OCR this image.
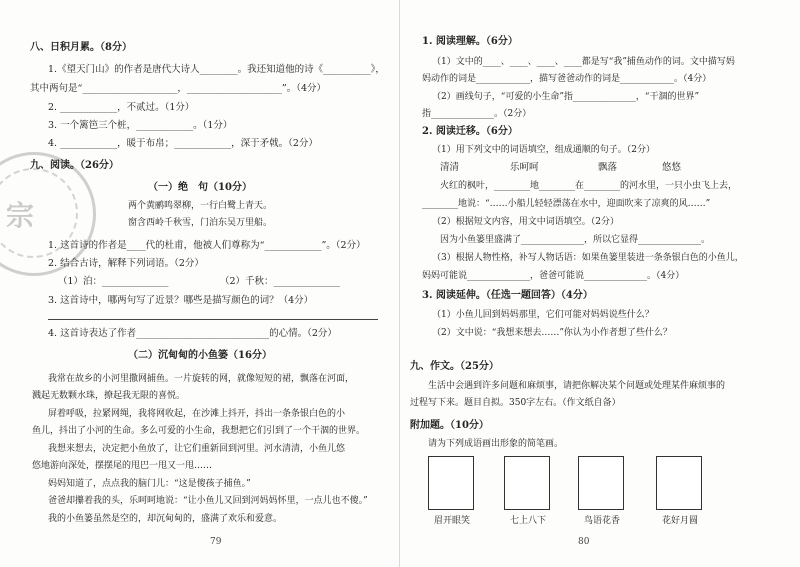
宗
八、日积月累。（8分）
1.《望天门山》的作者是唐代大诗人________。我还知道他的诗《__________》，
其中两句是“____________________，____________________”。（4分）
2. ____________，不贰过。（1分）
3. 一个篱笆三个桩，____________。（1分）
4. ____________，暖于布帛；____________，深于矛戟。（2分）
九、阅读。（26分）
（一）绝　句（10分）
两个黄鹂鸣翠柳，一行白鹭上青天。
窗含西岭千秋雪，门泊东吴万里船。
1. 这首诗的作者是____代的杜甫，他被人们尊称为“____________”。（2分）
2. 结合古诗，解释下列词语。（2分）
（1）泊：______________	（2）千秋：______________
3. 这首诗中，哪两句写了近景？哪些是描写颜色的词？（4分）
4. 这首诗表达了作者____________________________的心情。（2分）
（二）沉甸甸的小鱼篓（16分）
我常在故乡的小河里撒网捕鱼。一片旋转的网，就像短短的裙，飘落在河面，
溅起无数颗水珠，撩起我无限的喜悦。
屏着呼吸，拉紧网绳，我将网收起，在沙滩上抖开，抖出一条条银白色的小
鱼儿，抖出了小河的生命。多么可爱的小生命，我想把它们引到了一个干涸的世界。
我想来想去，决定把小鱼放了，让它们重新回到河里。河水清清，小鱼儿悠
悠地游向深处，摆摆尾的甩巴一甩又一甩……
妈妈知道了，点点我的脑门儿：“这是傻孩子捕鱼。”
爸爸却攥着我的头，乐呵呵地说：“让小鱼儿又回到河妈妈怀里，一点儿也不傻。”
我的小鱼篓虽然是空的，却沉甸甸的，盛满了欢乐和爱意。
79
1. 阅读理解。（6分）
（1）文中的____、____、____、____都是写“我”捕鱼动作的词。文中描写妈
妈动作的词是____________，描写爸爸动作的词是____________。（4分）
（2）画线句子，“可爱的小生命”指______________，“干涸的世界”
指______________。（2分）
2. 阅读迁移。（6分）
（1）用下列文中的词语填空，组成通顺的句子。（2分）
清清	乐呵呵	飘落	悠悠
火红的枫叶，________地________在________的河水里，一只小虫飞上去，
________地说：“……小船儿轻轻漂荡在水中，迎面吹来了凉爽的风……”
（2）根据短文内容，用文中词语填空。（2分）
因为小鱼篓里盛满了______________，所以它显得______________。
（3）根据人物性格，补写人物话语：如果鱼篓里装进一条条银白色的小鱼儿，
妈妈可能说______________，爸爸可能说______________。（4分）
3. 阅读延伸。（任选一题回答）（4分）
（1）小鱼儿回到妈妈那里，它们可能对妈妈说些什么？
（2）文中说：“我想来想去……”你认为小作者想了些什么？
九、作文。（25分）
生活中会遇到许多问题和麻烦事，请把你解决某个问题或处理某件麻烦事的
过程写下来。题目自拟。350字左右。（作文纸自备）
附加题。（10分）
请为下列成语画出形象的简笔画。
眉开眼笑	七上八下	鸟语花香	花好月圆
80
